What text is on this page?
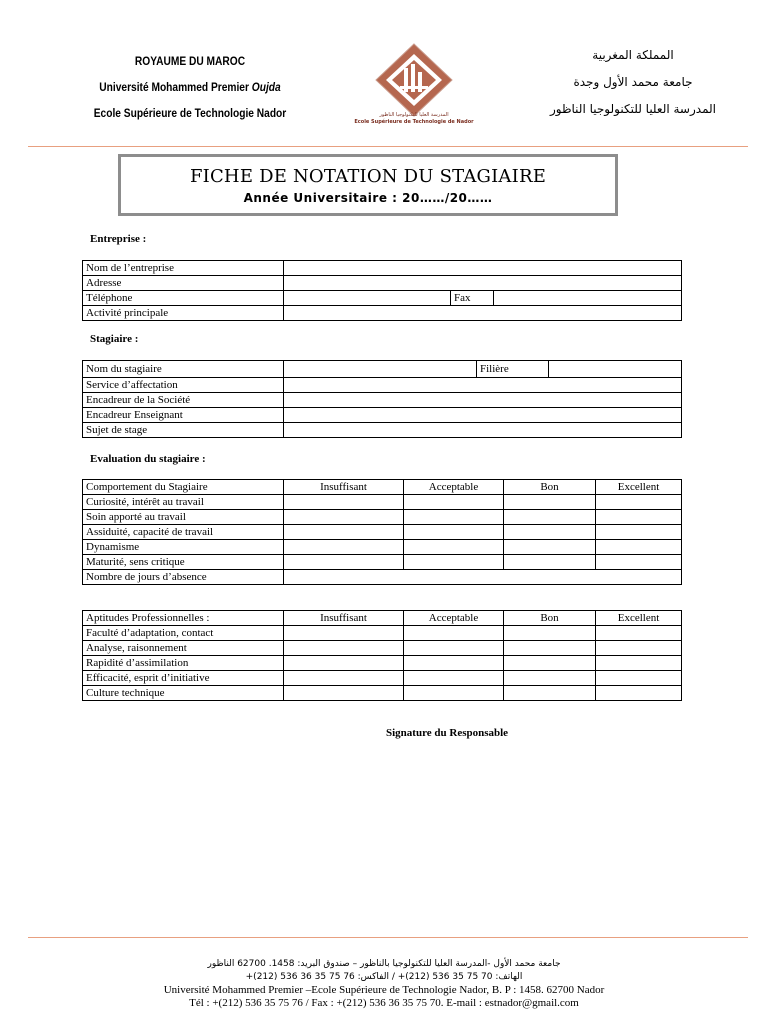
ROYAUME DU MAROC
Université Mohammed Premier Oujda
Ecole Supérieure de Technologie Nador	المدرسة العليا للتكنولوجيا الناظور
Ecole Supérieure de Technologie de Nador
المملكة المغربية
جامعة محمد الأول وجدة
المدرسة العليا للتكنولوجيا الناظور
FICHE DE NOTATION DU STAGIAIRE
Année Universitaire : 20……/20……
Entreprise :
Nom de l’entreprise			
Adresse			
Téléphone		Fax	
Activité principale			
Stagiaire :
Nom du stagiaire		Filière	
Service d’affectation			
Encadreur de la Société			
Encadreur Enseignant			
Sujet de stage			
Evaluation du stagiaire :
Comportement du Stagiaire	Insuffisant	Acceptable	Bon	Excellent
Curiosité, intérêt au travail				
Soin apporté au travail				
Assiduité, capacité de travail				
Dynamisme				
Maturité, sens critique				
Nombre de jours d’absence				
Aptitudes Professionnelles :	Insuffisant	Acceptable	Bon	Excellent
Faculté d’adaptation, contact				
Analyse, raisonnement				
Rapidité d’assimilation				
Efficacité, esprit d’initiative				
Culture technique				
Signature du Responsable
جامعة محمد الأول -المدرسة العليا للتكنولوجيا بالناظور – صندوق البريد: 1458. 62700 الناظور
الهاتف: 70 75 35 536 (212)+ / الفاكس: 76 75 35 36 536 (212)+
Université Mohammed Premier –Ecole Supérieure de Technologie Nador, B. P : 1458. 62700 Nador
Tél : +(212) 536 35 75 76 / Fax : +(212) 536 36 35 75 70. E-mail : estnador@gmail.com
